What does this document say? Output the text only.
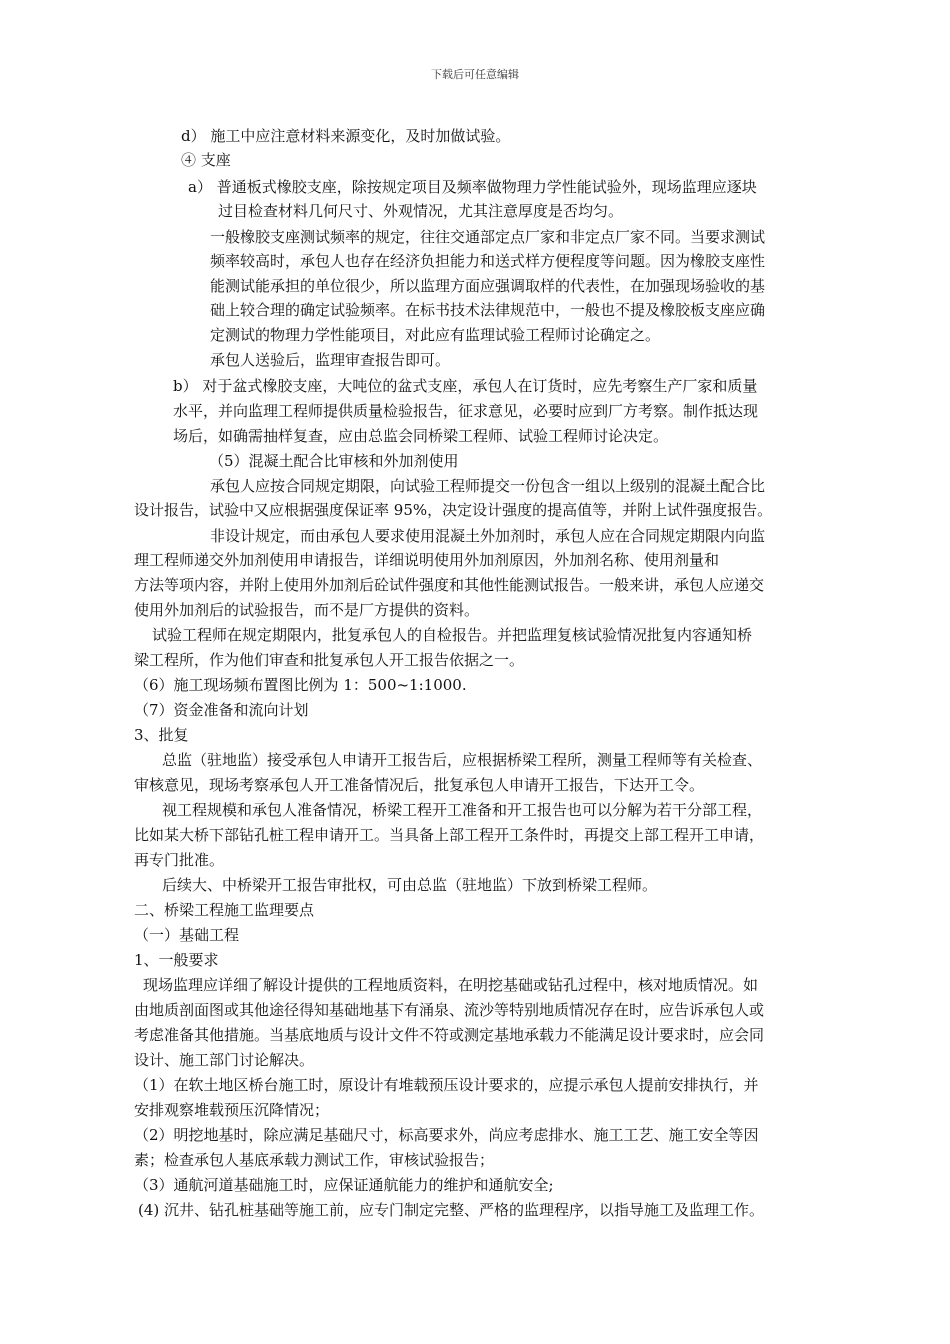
下载后可任意编辑
d） 施工中应注意材料来源变化，及时加做试验。
④ 支座
a） 普通板式橡胶支座，除按规定项目及频率做物理力学性能试验外，现场监理应逐块
过目检查材料几何尺寸、外观情况，尤其注意厚度是否均匀。
一般橡胶支座测试频率的规定，往往交通部定点厂家和非定点厂家不同。当要求测试
频率较高时，承包人也存在经济负担能力和送式样方便程度等问题。因为橡胶支座性
能测试能承担的单位很少，所以监理方面应强调取样的代表性，在加强现场验收的基
础上较合理的确定试验频率。在标书技术法律规范中，一般也不提及橡胶板支座应确
定测试的物理力学性能项目，对此应有监理试验工程师讨论确定之。
承包人送验后，监理审查报告即可。
b） 对于盆式橡胶支座，大吨位的盆式支座，承包人在订货时，应先考察生产厂家和质量
水平，并向监理工程师提供质量检验报告，征求意见，必要时应到厂方考察。制作抵达现
场后，如确需抽样复查，应由总监会同桥梁工程师、试验工程师讨论决定。
（5）混凝土配合比审核和外加剂使用
承包人应按合同规定期限，向试验工程师提交一份包含一组以上级别的混凝土配合比
设计报告，试验中又应根据强度保证率 95%，决定设计强度的提高值等，并附上试件强度报告。
非设计规定，而由承包人要求使用混凝土外加剂时，承包人应在合同规定期限内向监
理工程师递交外加剂使用申请报告，详细说明使用外加剂原因，外加剂名称、使用剂量和
方法等项内容，并附上使用外加剂后砼试件强度和其他性能测试报告。一般来讲，承包人应递交
使用外加剂后的试验报告，而不是厂方提供的资料。
试验工程师在规定期限内，批复承包人的自检报告。并把监理复核试验情况批复内容通知桥
梁工程所，作为他们审查和批复承包人开工报告依据之一。
（6）施工现场频布置图比例为 1：500~1:1000.
（7）资金准备和流向计划
3、批复
总监（驻地监）接受承包人申请开工报告后，应根据桥梁工程所，测量工程师等有关检查、
审核意见，现场考察承包人开工准备情况后，批复承包人申请开工报告，下达开工令。
视工程规模和承包人准备情况，桥梁工程开工准备和开工报告也可以分解为若干分部工程，
比如某大桥下部钻孔桩工程申请开工。当具备上部工程开工条件时，再提交上部工程开工申请，
再专门批准。
后续大、中桥梁开工报告审批权，可由总监（驻地监）下放到桥梁工程师。
二、桥梁工程施工监理要点
（一）基础工程
1、一般要求
现场监理应详细了解设计提供的工程地质资料，在明挖基础或钻孔过程中，核对地质情况。如
由地质剖面图或其他途径得知基础地基下有涌泉、流沙等特别地质情况存在时，应告诉承包人或
考虑准备其他措施。当基底地质与设计文件不符或测定基地承载力不能满足设计要求时，应会同
设计、施工部门讨论解决。
（1）在软土地区桥台施工时，原设计有堆载预压设计要求的，应提示承包人提前安排执行，并
安排观察堆载预压沉降情况；
（2）明挖地基时，除应满足基础尺寸，标高要求外，尚应考虑排水、施工工艺、施工安全等因
素；检查承包人基底承载力测试工作，审核试验报告；
（3）通航河道基础施工时，应保证通航能力的维护和通航安全;
(4) 沉井、钻孔桩基础等施工前，应专门制定完整、严格的监理程序，以指导施工及监理工作。
